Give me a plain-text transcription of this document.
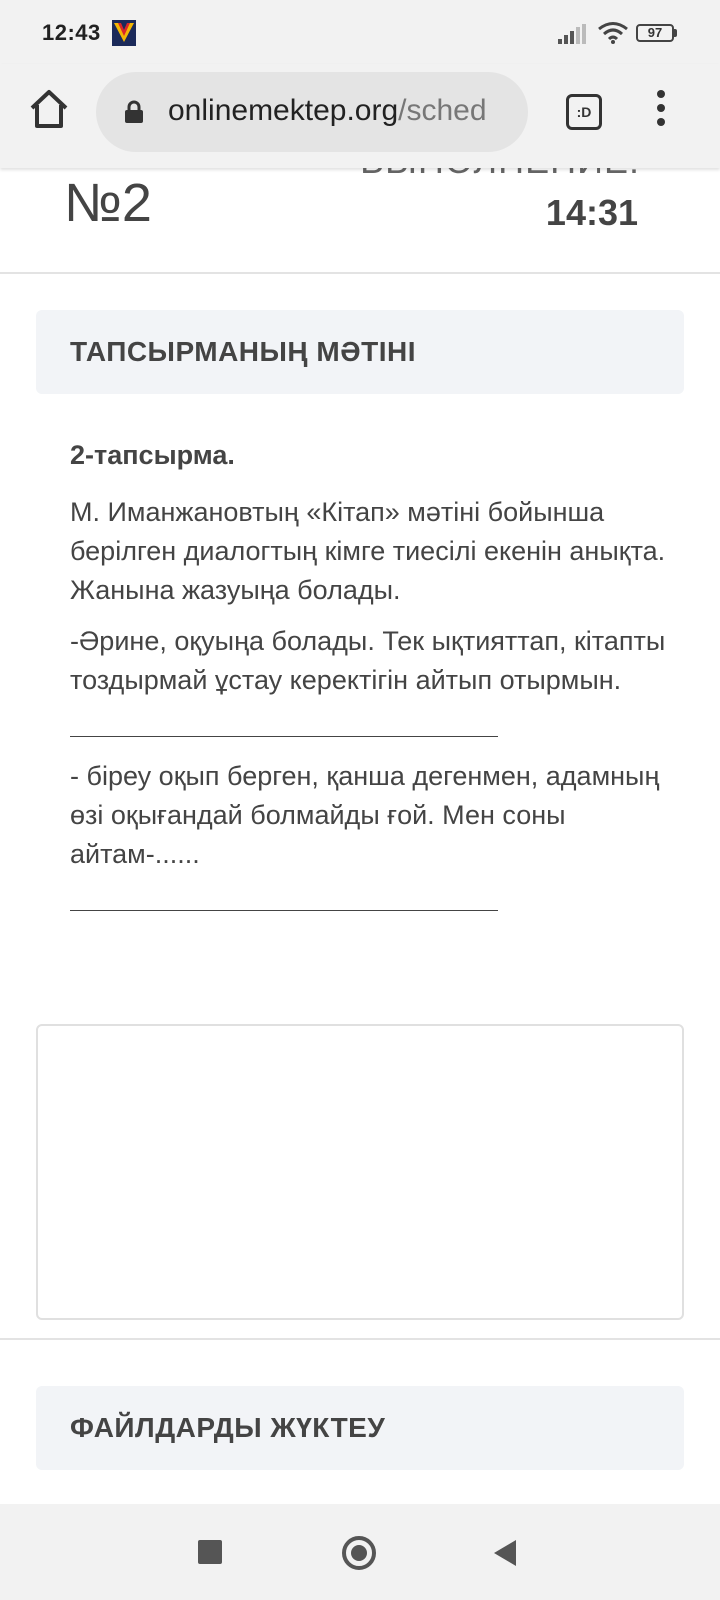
12:43	97
onlinemektep.org/sched	:D
№2	14:31
ТАПСЫРМАНЫҢ МӘТІНІ

2-тапсырма.

М. Иманжановтың «Кітап» мәтіні бойынша берілген диалогтың кімге тиесілі екенін анықта. Жанына жазуыңа болады.

-Әрине, оқуыңа болады. Тек ықтияттап, кітапты тоздырмай ұстау керектігін айтып отырмын.

- біреу оқып берген, қанша дегенмен, адамның өзі оқығандай болмайды ғой. Мен соны айтам-......

ФАЙЛДАРДЫ ЖҮКТЕУ
